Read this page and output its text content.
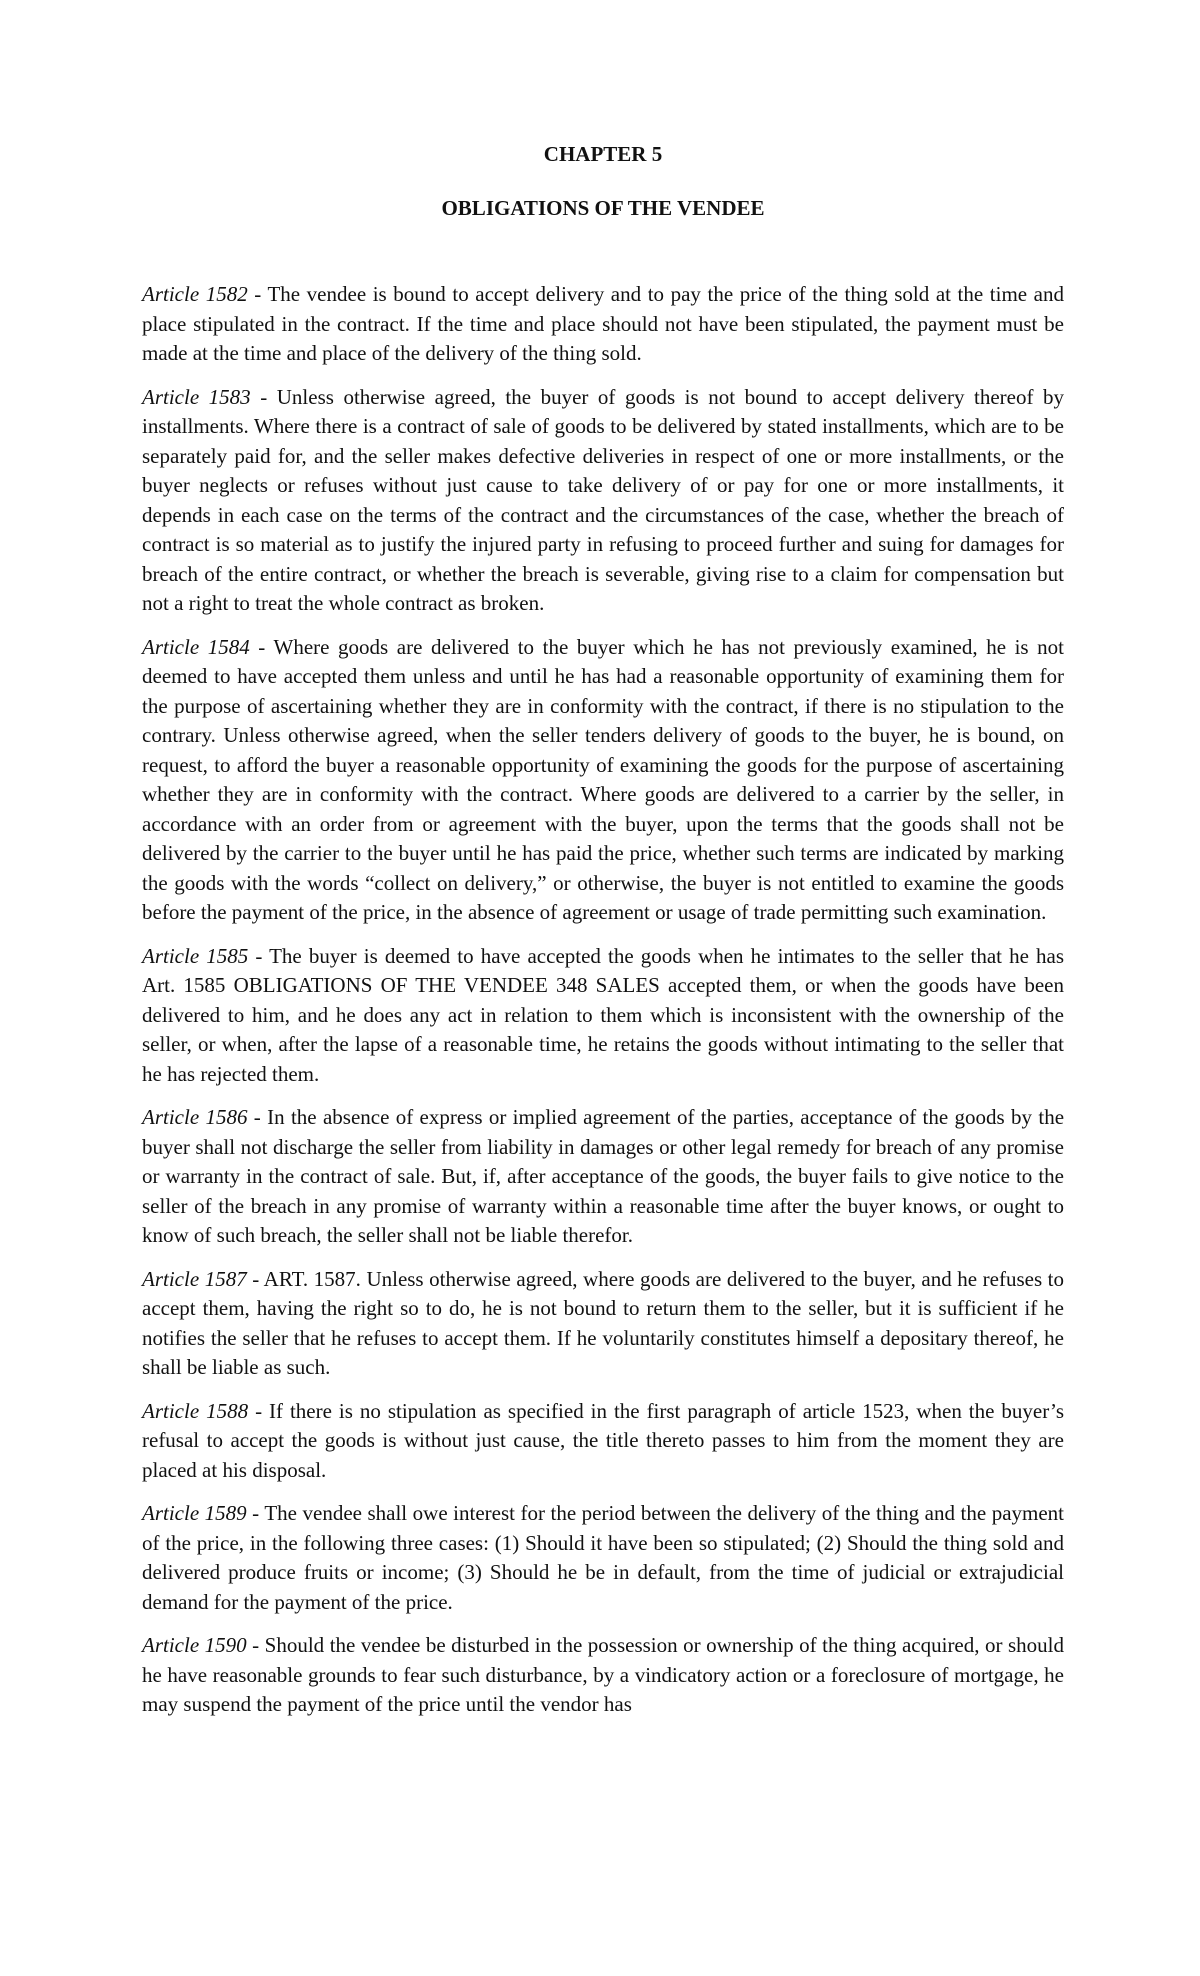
CHAPTER 5
OBLIGATIONS OF THE VENDEE

Article 1582 - The vendee is bound to accept delivery and to pay the price of the thing sold at the time and place stipulated in the contract. If the time and place should not have been stipulated, the payment must be made at the time and place of the delivery of the thing sold.

Article 1583 - Unless otherwise agreed, the buyer of goods is not bound to accept delivery thereof by installments. Where there is a contract of sale of goods to be delivered by stated installments, which are to be separately paid for, and the seller makes defective deliveries in respect of one or more installments, or the buyer neglects or refuses without just cause to take delivery of or pay for one or more installments, it depends in each case on the terms of the contract and the circumstances of the case, whether the breach of contract is so material as to justify the injured party in refusing to proceed further and suing for damages for breach of the entire contract, or whether the breach is severable, giving rise to a claim for compensation but not a right to treat the whole contract as broken.

Article 1584 - Where goods are delivered to the buyer which he has not previously examined, he is not deemed to have accepted them unless and until he has had a reasonable opportunity of examining them for the purpose of ascertaining whether they are in conformity with the contract, if there is no stipulation to the contrary. Unless otherwise agreed, when the seller tenders delivery of goods to the buyer, he is bound, on request, to afford the buyer a reasonable opportunity of examining the goods for the purpose of ascertaining whether they are in conformity with the contract. Where goods are delivered to a carrier by the seller, in accordance with an order from or agreement with the buyer, upon the terms that the goods shall not be delivered by the carrier to the buyer until he has paid the price, whether such terms are indicated by marking the goods with the words “collect on delivery,” or otherwise, the buyer is not entitled to examine the goods before the payment of the price, in the absence of agreement or usage of trade permitting such examination.

Article 1585 - The buyer is deemed to have accepted the goods when he intimates to the seller that he has Art. 1585 OBLIGATIONS OF THE VENDEE 348 SALES accepted them, or when the goods have been delivered to him, and he does any act in relation to them which is inconsistent with the ownership of the seller, or when, after the lapse of a reasonable time, he retains the goods without intimating to the seller that he has rejected them.

Article 1586 - In the absence of express or implied agreement of the parties, acceptance of the goods by the buyer shall not discharge the seller from liability in damages or other legal remedy for breach of any promise or warranty in the contract of sale. But, if, after acceptance of the goods, the buyer fails to give notice to the seller of the breach in any promise of warranty within a reasonable time after the buyer knows, or ought to know of such breach, the seller shall not be liable therefor.

Article 1587 - ART. 1587. Unless otherwise agreed, where goods are delivered to the buyer, and he refuses to accept them, having the right so to do, he is not bound to return them to the seller, but it is sufficient if he notifies the seller that he refuses to accept them. If he voluntarily constitutes himself a depositary thereof, he shall be liable as such.

Article 1588 - If there is no stipulation as specified in the first paragraph of article 1523, when the buyer’s refusal to accept the goods is without just cause, the title thereto passes to him from the moment they are placed at his disposal.

Article 1589 - The vendee shall owe interest for the period between the delivery of the thing and the payment of the price, in the following three cases: (1) Should it have been so stipulated; (2) Should the thing sold and delivered produce fruits or income; (3) Should he be in default, from the time of judicial or extrajudicial demand for the payment of the price.

Article 1590 - Should the vendee be disturbed in the possession or ownership of the thing acquired, or should he have reasonable grounds to fear such disturbance, by a vindicatory action or a foreclosure of mortgage, he may suspend the payment of the price until the vendor has
